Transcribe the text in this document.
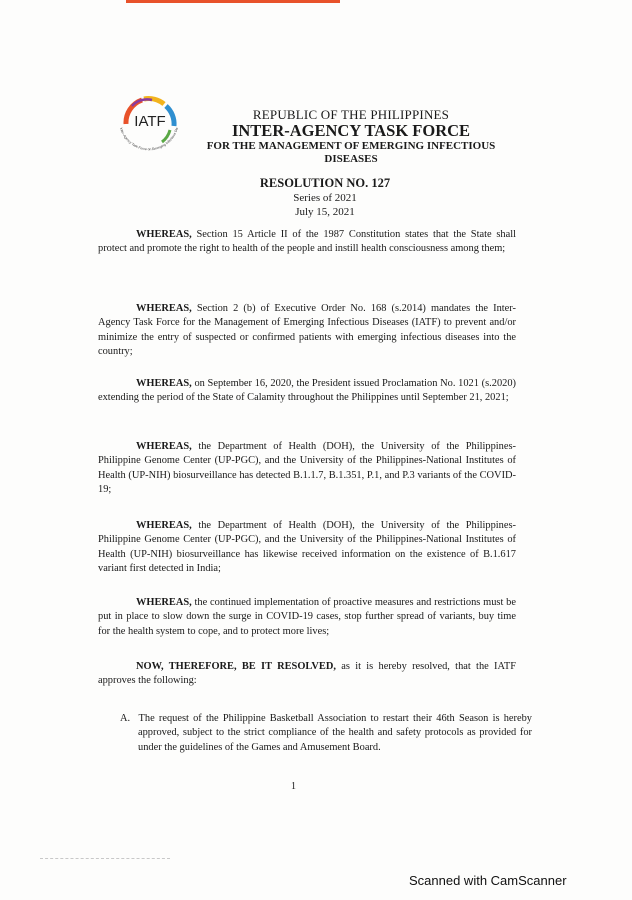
IATF
Inter-Agency Task Force on Emerging Infectious Dis
REPUBLIC OF THE PHILIPPINES
INTER-AGENCY TASK FORCE
FOR THE MANAGEMENT OF EMERGING INFECTIOUS DISEASES
RESOLUTION NO. 127
Series of 2021
July 15, 2021

WHEREAS, Section 15 Article II of the 1987 Constitution states that the State shall protect and promote the right to health of the people and instill health consciousness among them;

WHEREAS, Section 2 (b) of Executive Order No. 168 (s.2014) mandates the Inter-Agency Task Force for the Management of Emerging Infectious Diseases (IATF) to prevent and/or minimize the entry of suspected or confirmed patients with emerging infectious diseases into the country;

WHEREAS, on September 16, 2020, the President issued Proclamation No. 1021 (s.2020) extending the period of the State of Calamity throughout the Philippines until September 21, 2021;

WHEREAS, the Department of Health (DOH), the University of the Philippines-Philippine Genome Center (UP-PGC), and the University of the Philippines-National Institutes of Health (UP-NIH) biosurveillance has detected B.1.1.7, B.1.351, P.1, and P.3 variants of the COVID-19;

WHEREAS, the Department of Health (DOH), the University of the Philippines-Philippine Genome Center (UP-PGC), and the University of the Philippines-National Institutes of Health (UP-NIH) biosurveillance has likewise received information on the existence of B.1.617 variant first detected in India;

WHEREAS, the continued implementation of proactive measures and restrictions must be put in place to slow down the surge in COVID-19 cases, stop further spread of variants, buy time for the health system to cope, and to protect more lives;

NOW, THEREFORE, BE IT RESOLVED, as it is hereby resolved, that the IATF approves the following:

A. The request of the Philippine Basketball Association to restart their 46th Season is hereby approved, subject to the strict compliance of the health and safety protocols as provided for under the guidelines of the Games and Amusement Board.

1
Scanned with CamScanner
